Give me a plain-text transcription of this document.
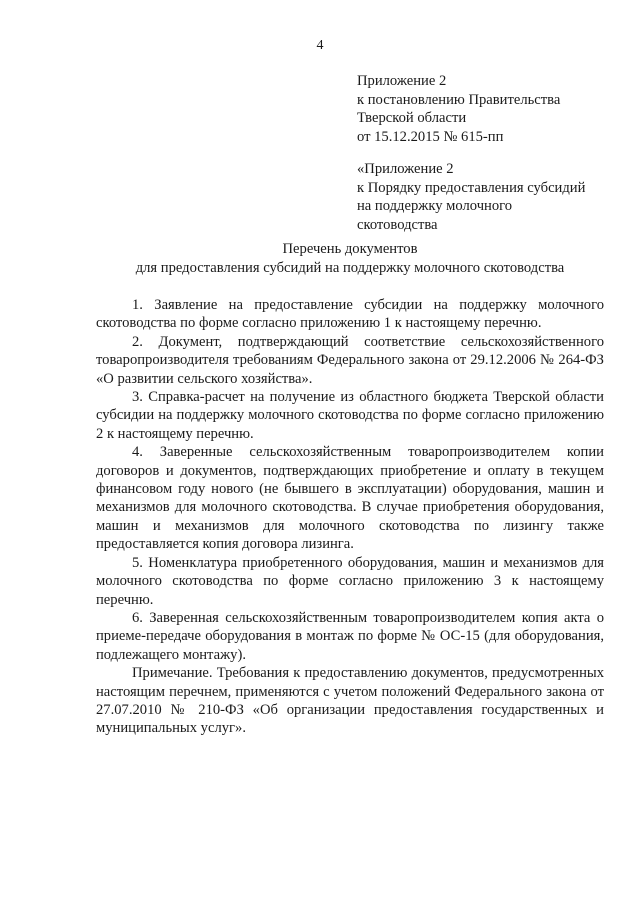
4
Приложение 2
к постановлению Правительства
Тверской области
от 15.12.2015 № 615-пп
«Приложение 2
к Порядку предоставления субсидий
на поддержку молочного
скотоводства
Перечень документов
для предоставления субсидий на поддержку молочного скотоводства

1. Заявление на предоставление субсидии на поддержку молочного скотоводства по форме согласно приложению 1 к настоящему перечню.

2. Документ, подтверждающий соответствие сельскохозяйственного товаропроизводителя требованиям Федерального закона от 29.12.2006 № 264-ФЗ «О развитии сельского хозяйства».

3. Справка-расчет на получение из областного бюджета Тверской области субсидии на поддержку молочного скотоводства по форме согласно приложению 2 к настоящему перечню.

4. Заверенные сельскохозяйственным товаропроизводителем копии договоров и документов, подтверждающих приобретение и оплату в текущем финансовом году нового (не бывшего в эксплуатации) оборудования, машин и механизмов для молочного скотоводства. В случае приобретения оборудования, машин и механизмов для молочного скотоводства по лизингу также предоставляется копия договора лизинга.

5. Номенклатура приобретенного оборудования, машин и механизмов для молочного скотоводства по форме согласно приложению 3 к настоящему перечню.

6. Заверенная сельскохозяйственным товаропроизводителем копия акта о приеме-передаче оборудования в монтаж по форме № ОС-15 (для оборудования, подлежащего монтажу).

Примечание. Требования к предоставлению документов, предусмотренных настоящим перечнем, применяются с учетом положений Федерального закона от 27.07.2010 № 210-ФЗ «Об организации предоставления государственных и муниципальных услуг».
